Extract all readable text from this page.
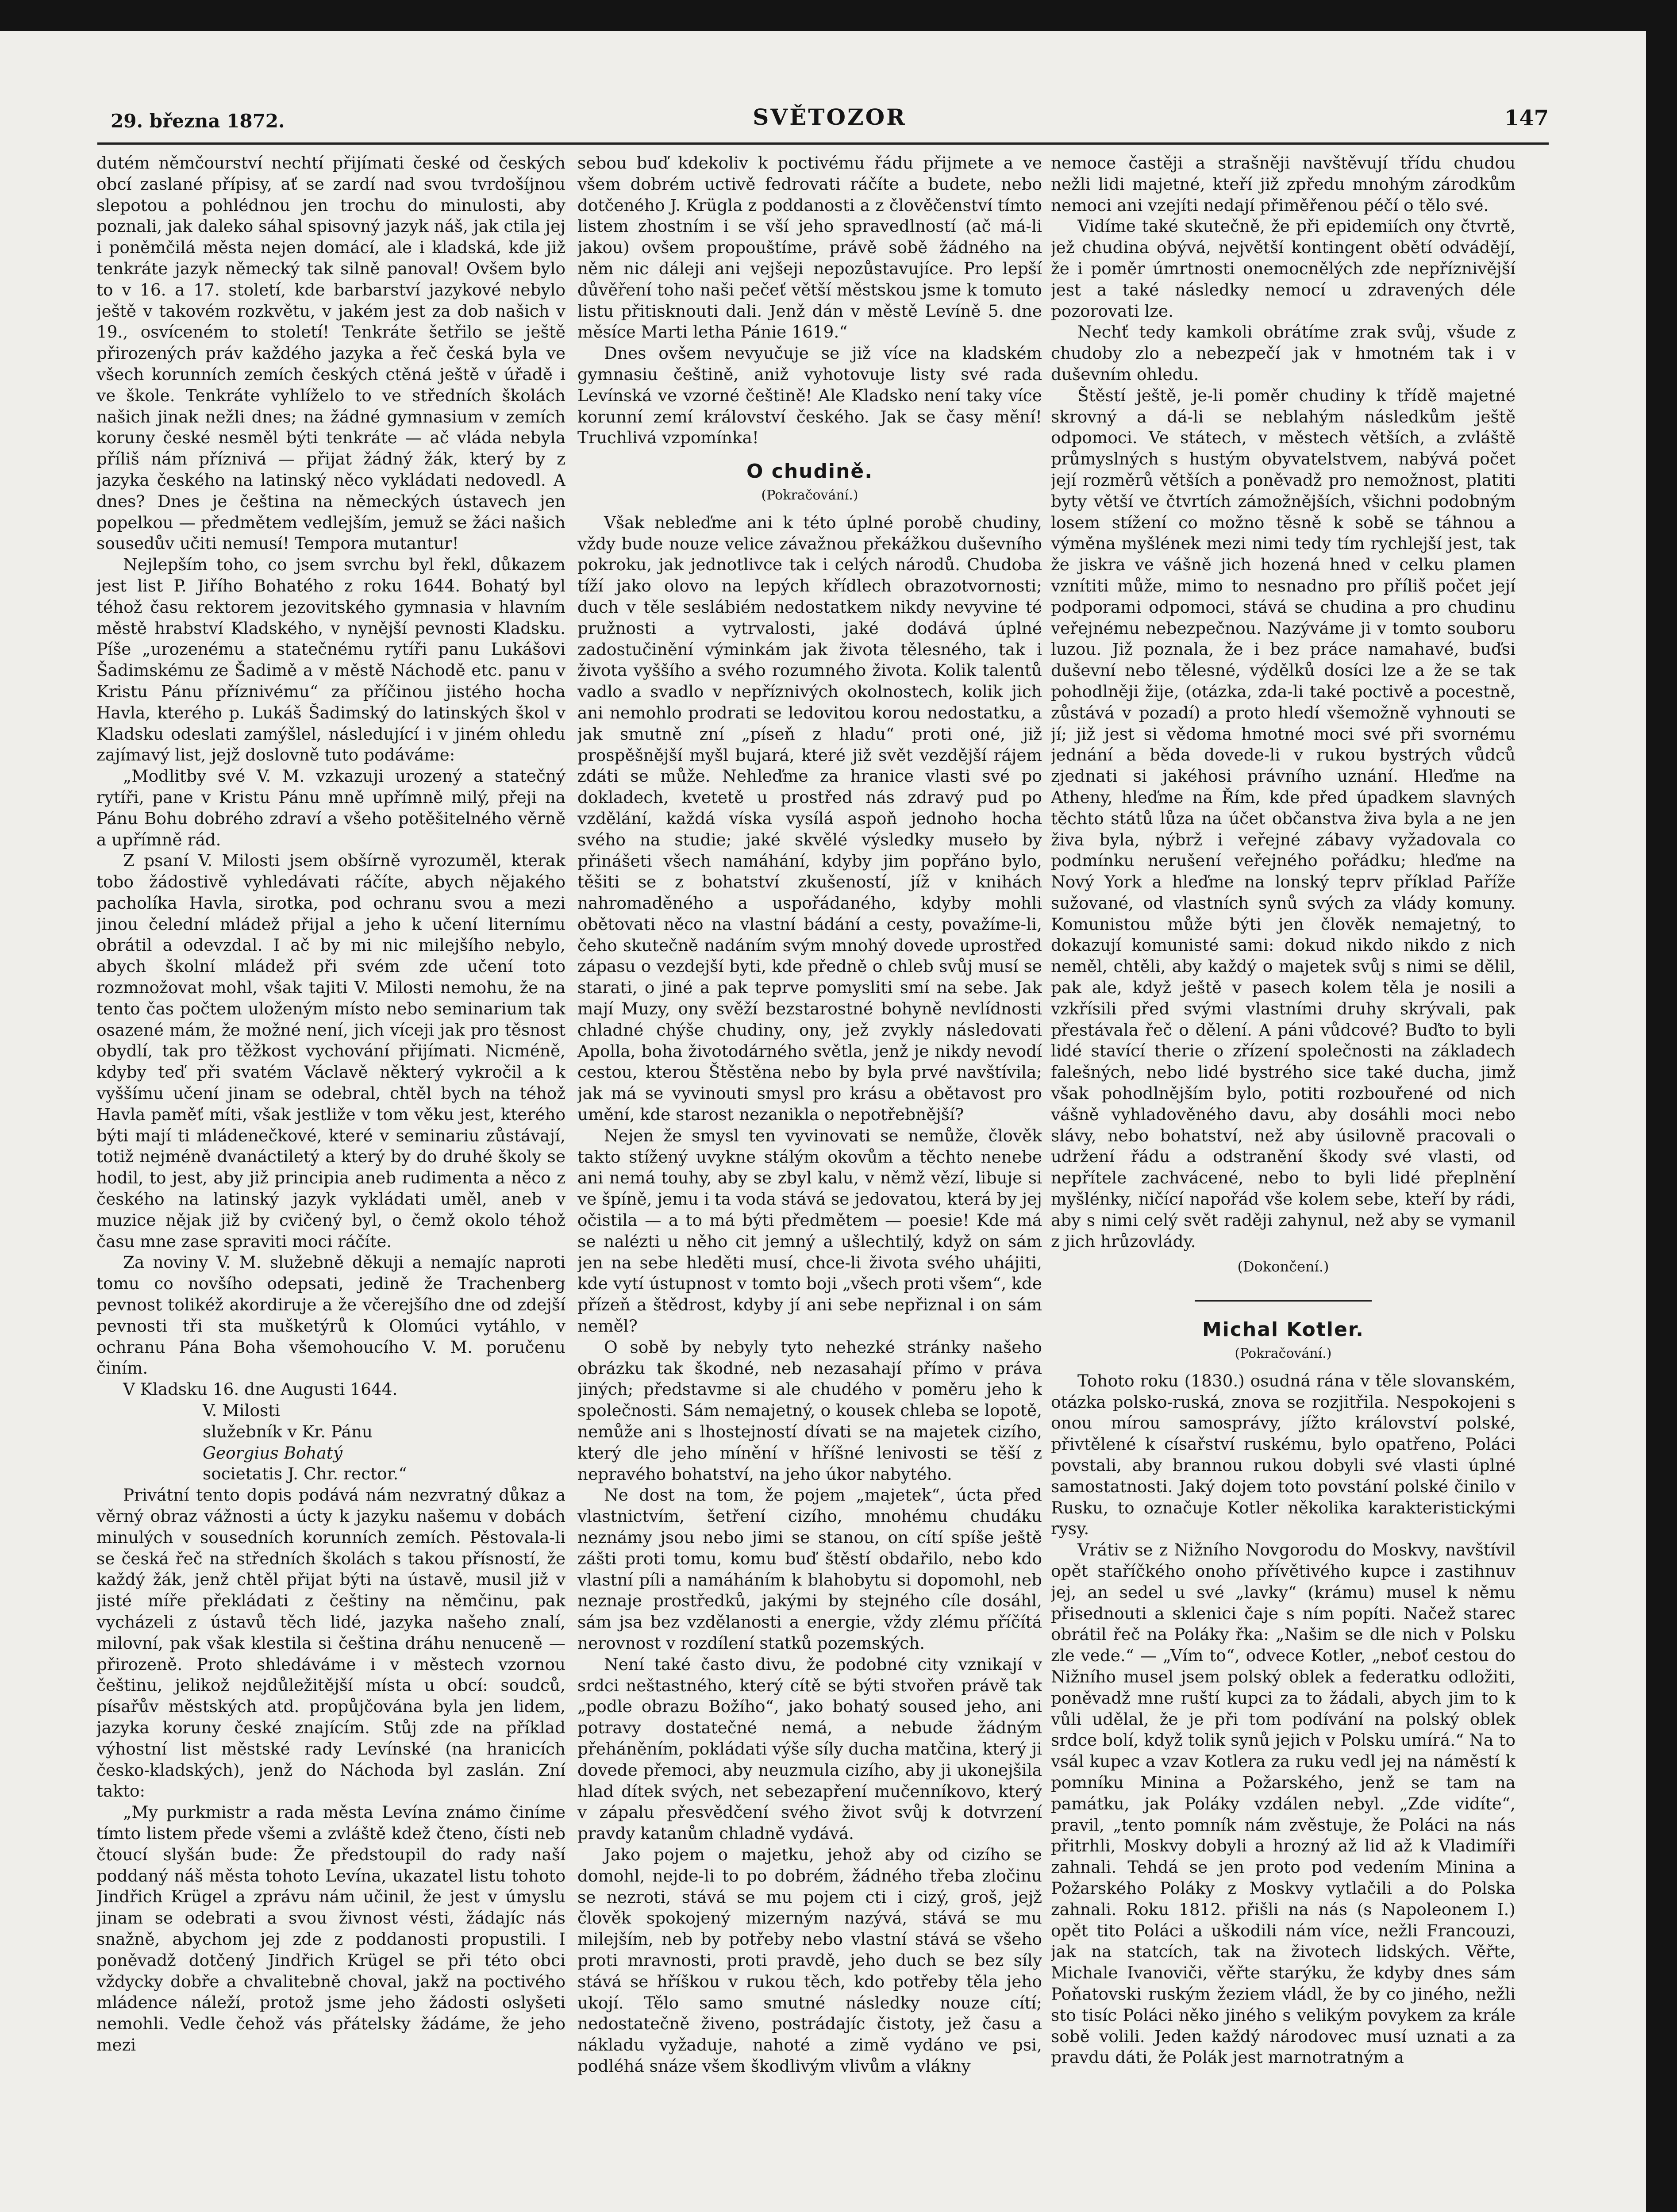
29. března 1872.	SVĚTOZOR	147

dutém němčourství nechtí přijímati české od českých obcí zaslané přípisy, ať se zardí nad svou tvrdošíjnou slepotou a pohlédnou jen trochu do minulosti, aby poznali, jak daleko sáhal spisovný jazyk náš, jak ctila jej i poněmčilá města nejen domácí, ale i kladská, kde již tenkráte jazyk německý tak silně panoval! Ovšem bylo to v 16. a 17. století, kde barbarství jazykové nebylo ještě v takovém rozkvětu, v jakém jest za dob našich v 19., osvíceném to století! Tenkráte šetřilo se ještě přirozených práv každého jazyka a řeč česká byla ve všech korunních zemích českých ctěná ještě v úřadě i ve škole. Tenkráte vyhlíželo to ve středních školách našich jinak nežli dnes; na žádné gymnasium v zemích koruny české nesměl býti tenkráte — ač vláda nebyla příliš nám příznivá — přijat žádný žák, který by z jazyka českého na latinský něco vykládati nedovedl. A dnes? Dnes je čeština na německých ústavech jen popelkou — předmětem vedlejším, jemuž se žáci našich sousedův učiti nemusí! Tempora mutantur!

Nejlepším toho, co jsem svrchu byl řekl, důkazem jest list P. Jiřího Bohatého z roku 1644. Bohatý byl téhož času rektorem jezovitského gymnasia v hlavním městě hrabství Kladského, v nynější pevnosti Kladsku. Píše „urozenému a statečnému rytíři panu Lukášovi Šadimskému ze Šadimě a v městě Náchodě etc. panu v Kristu Pánu příznivému“ za příčinou jistého hocha Havla, kterého p. Lukáš Šadimský do latinských škol v Kladsku odeslati zamýšlel, následující i v jiném ohledu zajímavý list, jejž doslovně tuto podáváme:

„Modlitby své V. M. vzkazuji urozený a statečný rytíři, pane v Kristu Pánu mně upřímně milý, přeji na Pánu Bohu dobrého zdraví a všeho potěšitelného věrně a upřímně rád.

Z psaní V. Milosti jsem obšírně vyrozuměl, kterak tobo žádostivě vyhledávati ráčíte, abych nějakého pacholíka Havla, sirotka, pod ochranu svou a mezi jinou čelední mládež přijal a jeho k učení liternímu obrátil a odevzdal. I ač by mi nic milejšího nebylo, abych školní mládež při svém zde učení toto rozmnožovat mohl, však tajiti V. Milosti nemohu, že na tento čas počtem uloženým místo nebo seminarium tak osazené mám, že možné není, jich víceji jak pro těsnost obydlí, tak pro těžkost vychování přijímati. Nicméně, kdyby teď při svatém Václavě některý vykročil a k vyššímu učení jinam se odebral, chtěl bych na téhož Havla paměť míti, však jestliže v tom věku jest, kterého býti mají ti mládenečkové, které v seminariu zůstávají, totiž nejméně dvanáctiletý a který by do druhé školy se hodil, to jest, aby již principia aneb rudimenta a něco z českého na latinský jazyk vykládati uměl, aneb v muzice nějak již by cvičený byl, o čemž okolo téhož času mne zase spraviti moci ráčíte.

Za noviny V. M. služebně děkuji a nemajíc naproti tomu co novšího odepsati, jedině že Trachenberg pevnost tolikéž akordiruje a že včerejšího dne od zdejší pevnosti tři sta mušketýrů k Olomúci vytáhlo, v ochranu Pána Boha všemohoucího V. M. poručenu činím.

V Kladsku 16. dne Augusti 1644.

V. Milosti
služebník v Kr. Pánu
Georgius Bohatý
societatis J. Chr. rector.“

Privátní tento dopis podává nám nezvratný důkaz a věrný obraz vážnosti a úcty k jazyku našemu v dobách minulých v sousedních korunních zemích. Pěstovala-li se česká řeč na středních školách s takou přísností, že každý žák, jenž chtěl přijat býti na ústavě, musil již v jisté míře překládati z češtiny na němčinu, pak vycházeli z ústavů těch lidé, jazyka našeho znalí, milovní, pak však klestila si čeština dráhu nenuceně — přirozeně. Proto shledáváme i v městech vzornou češtinu, jelikož nejdůležitější místa u obcí: soudců, písařův městských atd. propůjčována byla jen lidem, jazyka koruny české znajícím. Stůj zde na příklad výhostní list městské rady Levínské (na hranicích česko-kladských), jenž do Náchoda byl zaslán. Zní takto:

„My purkmistr a rada města Levína známo činíme tímto listem přede všemi a zvláště kdež čteno, čísti neb čtoucí slyšán bude: Že předstoupil do rady naší poddaný náš města tohoto Levína, ukazatel listu tohoto Jindřich Krügel a zprávu nám učinil, že jest v úmyslu jinam se odebrati a svou živnost vésti, žádajíc nás snažně, abychom jej zde z poddanosti propustili. I poněvadž dotčený Jindřich Krügel se při této obci vždycky dobře a chvalitebně choval, jakž na poctivého mládence náleží, protož jsme jeho žádosti oslyšeti nemohli. Vedle čehož vás přátelsky žádáme, že jeho mezi

sebou buď kdekoliv k poctivému řádu přijmete a ve všem dobrém uctivě fedrovati ráčíte a budete, nebo dotčeného J. Krügla z poddanosti a z člověčenství tímto listem zhostním i se vší jeho spravedlností (ač má-li jakou) ovšem propouštíme, právě sobě žádného na něm nic dáleji ani vejšeji nepozůstavujíce. Pro lepší důvěření toho naši pečeť větší městskou jsme k tomuto listu přitisknouti dali. Jenž dán v městě Levíně 5. dne měsíce Marti letha Pánie 1619.“

Dnes ovšem nevyučuje se již více na kladském gymnasiu češtině, aniž vyhotovuje listy své rada Levínská ve vzorné češtině! Ale Kladsko není taky více korunní zemí království českého. Jak se časy mění! Truchlivá vzpomínka!

O chudině.
(Pokračování.)

Však nebleďme ani k této úplné porobě chudiny, vždy bude nouze velice závažnou překážkou duševního pokroku, jak jednotlivce tak i celých národů. Chudoba tíží jako olovo na lepých křídlech obrazotvornosti; duch v těle seslábiém nedostatkem nikdy nevyvine té pružnosti a vytrvalosti, jaké dodává úplné zadostučinění výminkám jak života tělesného, tak i života vyššího a svého rozumného života. Kolik talentů vadlo a svadlo v nepříznivých okolnostech, kolik jich ani nemohlo prodrati se ledovitou korou nedostatku, a jak smutně zní „píseň z hladu“ proti oné, již prospěšnější myšl bujará, které již svět vezdější rájem zdáti se může. Nehleďme za hranice vlasti své po dokladech, kvetetě u prostřed nás zdravý pud po vzdělání, každá víska vysílá aspoň jednoho hocha svého na studie; jaké skvělé výsledky museło by přinášeti všech namáhání, kdyby jim popřáno bylo, těšiti se z bohatství zkušeností, jíž v knihách nahromaděného a uspořádaného, kdyby mohli obětovati něco na vlastní bádání a cesty, považíme-li, čeho skutečně nadáním svým mnohý dovede uprostřed zápasu o vezdejší byti, kde předně o chleb svůj musí se starati, o jiné a pak teprve pomysliti smí na sebe. Jak mají Muzy, ony svěží bezstarostné bohyně nevlídnosti chladné chýše chudiny, ony, jež zvykly následovati Apolla, boha životodárného světla, jenž je nikdy nevodí cestou, kterou Štěstěna nebo by byla prvé navštívila; jak má se vyvinouti smysl pro krásu a obětavost pro umění, kde starost nezanikla o nepotřebnější?

Nejen že smysl ten vyvinovati se nemůže, člověk takto stížený uvykne stálým okovům a těchto nenebe ani nemá touhy, aby se zbyl kalu, v němž vězí, libuje si ve špíně, jemu i ta voda stává se jedovatou, která by jej očistila — a to má býti předmětem — poesie! Kde má se nalézti u něho cit jemný a ušlechtilý, když on sám jen na sebe hleděti musí, chce-li života svého uhájiti, kde vytí ústupnost v tomto boji „všech proti všem“, kde přízeň a štědrost, kdyby jí ani sebe nepřiznal i on sám neměl?

O sobě by nebyly tyto nehezké stránky našeho obrázku tak škodné, neb nezasahají přímo v práva jiných; představme si ale chudého v poměru jeho k společnosti. Sám nemajetný, o kousek chleba se lopotě, nemůže ani s lhostejností dívati se na majetek cizího, který dle jeho mínění v hříšné lenivosti se těší z nepravého bohatství, na jeho úkor nabytého.

Ne dost na tom, že pojem „majetek“, úcta před vlastnictvím, šetření cizího, mnohému chudáku neznámy jsou nebo jimi se stanou, on cítí spíše ještě zášti proti tomu, komu buď štěstí obdařilo, nebo kdo vlastní píli a namáháním k blahobytu si dopomohl, neb neznaje prostředků, jakými by stejného cíle dosáhl, sám jsa bez vzdělanosti a energie, vždy zlému příčítá nerovnost v rozdílení statků pozemských.

Není také často divu, že podobné city vznikají v srdci neštastného, který cítě se býti stvořen právě tak „podle obrazu Božího“, jako bohatý soused jeho, ani potravy dostatečné nemá, a nebude žádným přeháněním, pokládati výše síly ducha matčina, který ji dovede přemoci, aby neuzmula cizího, aby ji ukonejšila hlad dítek svých, net sebezapření mučenníkovo, který v zápalu přesvědčení svého život svůj k dotvrzení pravdy katanům chladně vydává.

Jako pojem o majetku, jehož aby od cizího se domohl, nejde-li to po dobrém, žádného třeba zločinu se nezroti, stává se mu pojem cti i cizý, groš, jejž člověk spokojený mizerným nazývá, stává se mu milejším, neb by potřeby nebo vlastní stává se všeho proti mravnosti, proti pravdě, jeho duch se bez síly stává se hříškou v rukou těch, kdo potřeby těla jeho ukojí. Tělo samo smutné následky nouze cítí; nedostatečně živeno, postrádajíc čistoty, jež času a nákladu vyžaduje, nahoté a zimě vydáno ve psi, podléhá snáze všem škodlivým vlivům a vlákny

nemoce častěji a strašněji navštěvují třídu chudou nežli lidi majetné, kteří již zpředu mnohým zárodkům nemoci ani vzejíti nedají přiměřenou péčí o tělo své.

Vidíme také skutečně, že při epidemiích ony čtvrtě, jež chudina obývá, největší kontingent obětí odvádějí, že i poměr úmrtnosti onemocnělých zde nepříznivější jest a také následky nemocí u zdravených déle pozorovati lze.

Nechť tedy kamkoli obrátíme zrak svůj, všude z chudoby zlo a nebezpečí jak v hmotném tak i v duševním ohledu.

Štěstí ještě, je-li poměr chudiny k třídě majetné skrovný a dá-li se neblahým následkům ještě odpomoci. Ve státech, v městech větších, a zvláště průmyslných s hustým obyvatelstvem, nabývá počet její rozměrů větších a poněvadž pro nemožnost, platiti byty větší ve čtvrtích zámožnějších, všichni podobným losem stížení co možno těsně k sobě se táhnou a výměna myšlének mezi nimi tedy tím rychlejší jest, tak že jiskra ve vášně jich hozená hned v celku plamen vznítiti může, mimo to nesnadno pro příliš počet její podporami odpomoci, stává se chudina a pro chudinu veřejnému nebezpečnou. Nazýváme ji v tomto souboru luzou. Již poznala, že i bez práce namahavé, buďsi duševní nebo tělesné, výdělků dosíci lze a že se tak pohodlněji žije, (otázka, zda-li také poctivě a pocestně, zůstává v pozadí) a proto hledí všemožně vyhnouti se jí; již jest si vědoma hmotné moci své při svornému jednání a běda dovede-li v rukou bystrých vůdců zjednati si jakéhosi právního uznání. Hleďme na Atheny, hleďme na Řím, kde před úpadkem slavných těchto států lůza na účet občanstva živa byla a ne jen živa byla, nýbrž i veřejné zábavy vyžadovala co podmínku nerušení veřejného pořádku; hleďme na Nový York a hleďme na lonský teprv příklad Paříže sužované, od vlastních synů svých za vlády komuny. Komunistou může býti jen člověk nemajetný, to dokazují komunisté sami: dokud nikdo nikdo z nich neměl, chtěli, aby každý o majetek svůj s nimi se dělil, pak ale, když ještě v pasech kolem těla je nosili a vzkřísili před svými vlastními druhy skrývali, pak přestávala řeč o dělení. A páni vůdcové? Buďto to byli lidé stavící therie o zřízení společnosti na základech falešných, nebo lidé bystrého sice také ducha, jimž však pohodlnějším bylo, potiti rozbouřené od nich vášně vyhladověného davu, aby dosáhli moci nebo slávy, nebo bohatství, než aby úsilovně pracovali o udržení řádu a odstranění škody své vlasti, od nepřítele zachvácené, nebo to byli lidé přeplnění myšlénky, ničící napořád vše kolem sebe, kteří by rádi, aby s nimi celý svět raději zahynul, než aby se vymanil z jich hrůzovlády.

(Dokončení.)
Michal Kotler.
(Pokračování.)

Tohoto roku (1830.) osudná rána v těle slovanském, otázka polsko-ruská, znova se rozjitřila. Nespokojeni s onou mírou samosprávy, jížto království polské, přivtělené k císařství ruskému, bylo opatřeno, Poláci povstali, aby brannou rukou dobyli své vlasti úplné samostatnosti. Jaký dojem toto povstání polské činilo v Rusku, to označuje Kotler několika karakteristickými rysy.

Vrátiv se z Nižního Novgorodu do Moskvy, navštívil opět staříčkého onoho přívětivého kupce i zastihnuv jej, an sedel u své „lavky“ (krámu) musel k němu přisednouti a sklenici čaje s ním popíti. Načež starec obrátil řeč na Poláky řka: „Našim se dle nich v Polsku zle vede.“ — „Vím to“, odvece Kotler, „neboť cestou do Nižního musel jsem polský oblek a federatku odložiti, poněvadž mne ruští kupci za to žádali, abych jim to k vůli udělal, že je při tom podívání na polský oblek srdce bolí, když tolik synů jejich v Polsku umírá.“ Na to vsál kupec a vzav Kotlera za ruku vedl jej na náměstí k pomníku Minina a Požarského, jenž se tam na památku, jak Poláky vzdálen nebyl. „Zde vidíte“, pravil, „tento pomník nám zvěstuje, že Poláci na nás přitrhli, Moskvy dobyli a hrozný až lid až k Vladimíři zahnali. Tehdá se jen proto pod vedením Minina a Požarského Poláky z Moskvy vytlačili a do Polska zahnali. Roku 1812. přišli na nás (s Napoleonem I.) opět tito Poláci a uškodili nám více, nežli Francouzi, jak na statcích, tak na životech lidských. Věřte, Michale Ivanoviči, věřte starýku, že kdyby dnes sám Poňatovski ruským žeziem vládl, že by co jiného, nežli sto tisíc Poláci něko jiného s velikým povykem za krále sobě volili. Jeden každý národovec musí uznati a za pravdu dáti, že Polák jest marnotratným a
